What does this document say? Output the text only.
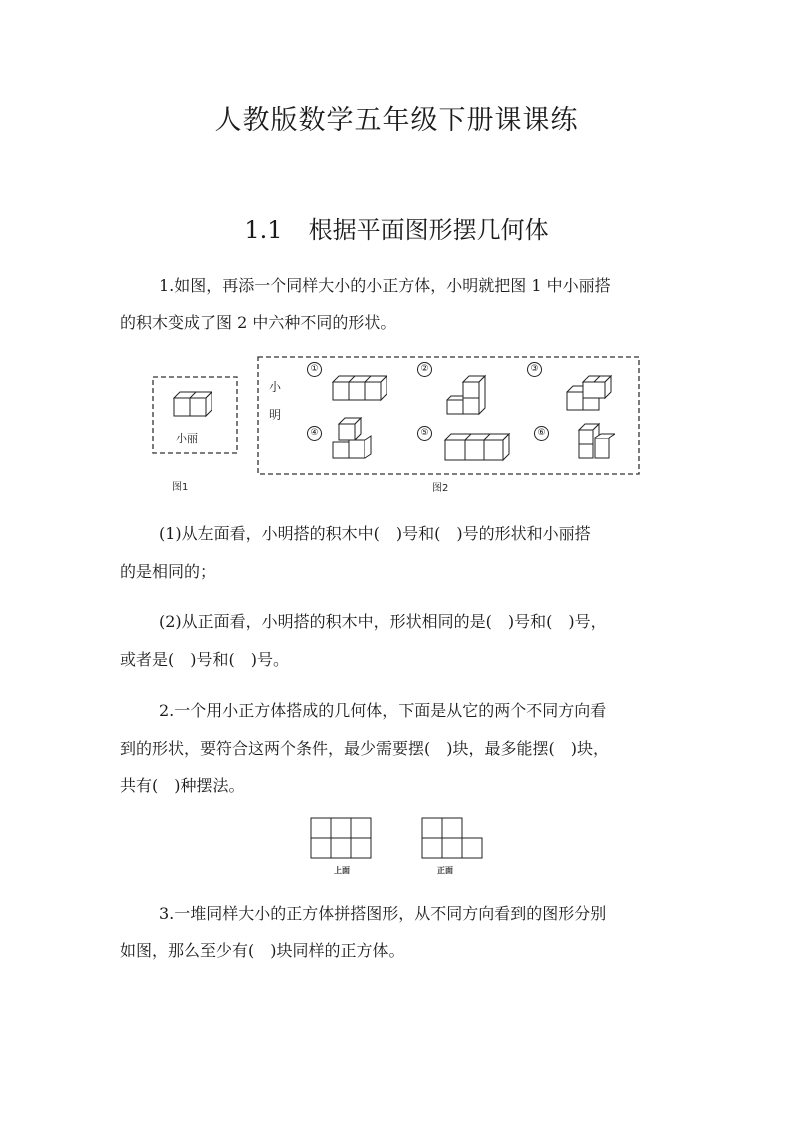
人教版数学五年级下册课课练
1.1 根据平面图形摆几何体
1.如图，再添一个同样大小的小正方体，小明就把图 1 中小丽搭
的积木变成了图 2 中六种不同的形状。
小丽
图1
小
明
①	②	③
④	⑤	⑥
图2
(1)从左面看，小明搭的积木中(　)号和(　)号的形状和小丽搭
的是相同的；
(2)从正面看，小明搭的积木中，形状相同的是(　)号和(　)号，
或者是(　)号和(　)号。
2.一个用小正方体搭成的几何体，下面是从它的两个不同方向看
到的形状，要符合这两个条件，最少需要摆(　)块，最多能摆(　)块，
共有(　)种摆法。
上面	正面
3.一堆同样大小的正方体拼搭图形，从不同方向看到的图形分别
如图，那么至少有(　)块同样的正方体。
